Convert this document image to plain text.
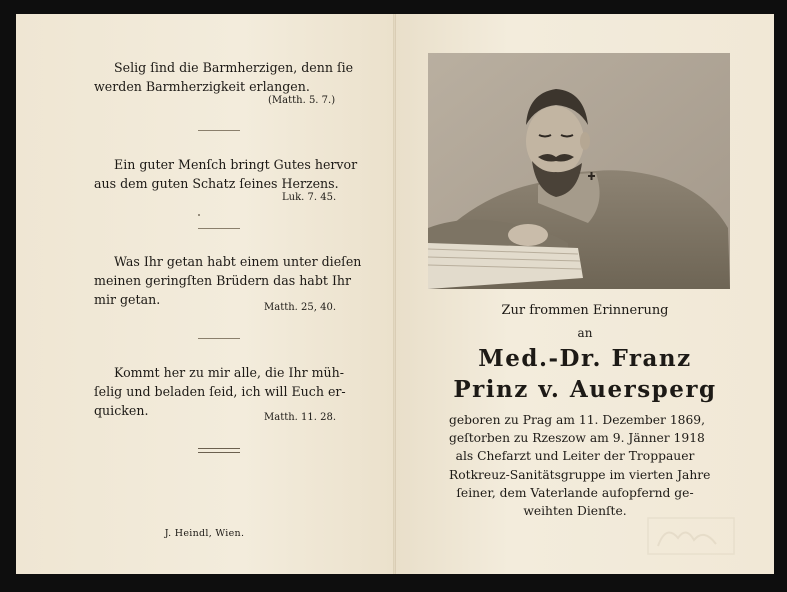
Selig ſind die Barmherzigen, denn ſie
werden Barmherzigkeit erlangen.
(Matth. 5. 7.)
Ein guter Menſch bringt Gutes hervor
aus dem guten Schatz ſeines Herzens.
Luk. 7. 45.
Was Ihr getan habt einem unter dieſen
meinen geringſten Brüdern das habt Ihr
mir getan.
Matth. 25, 40.
Kommt her zu mir alle, die Ihr müh-
ſelig und beladen ſeid, ich will Euch er-
quicken.	Matth. 11. 28.
J. Heindl, Wien.
Zur frommen Erinnerung
an
Med.-Dr. Franz
Prinz v. Auersperg
geboren zu Prag am 11. Dezember 1869,
geſtorben zu Rzeszow am 9. Jänner 1918
als Chefarzt und Leiter der Troppauer
Rotkreuz-Sanitätsgruppe im vierten Jahre
ſeiner, dem Vaterlande aufopfernd ge-
weihten Dienſte.
